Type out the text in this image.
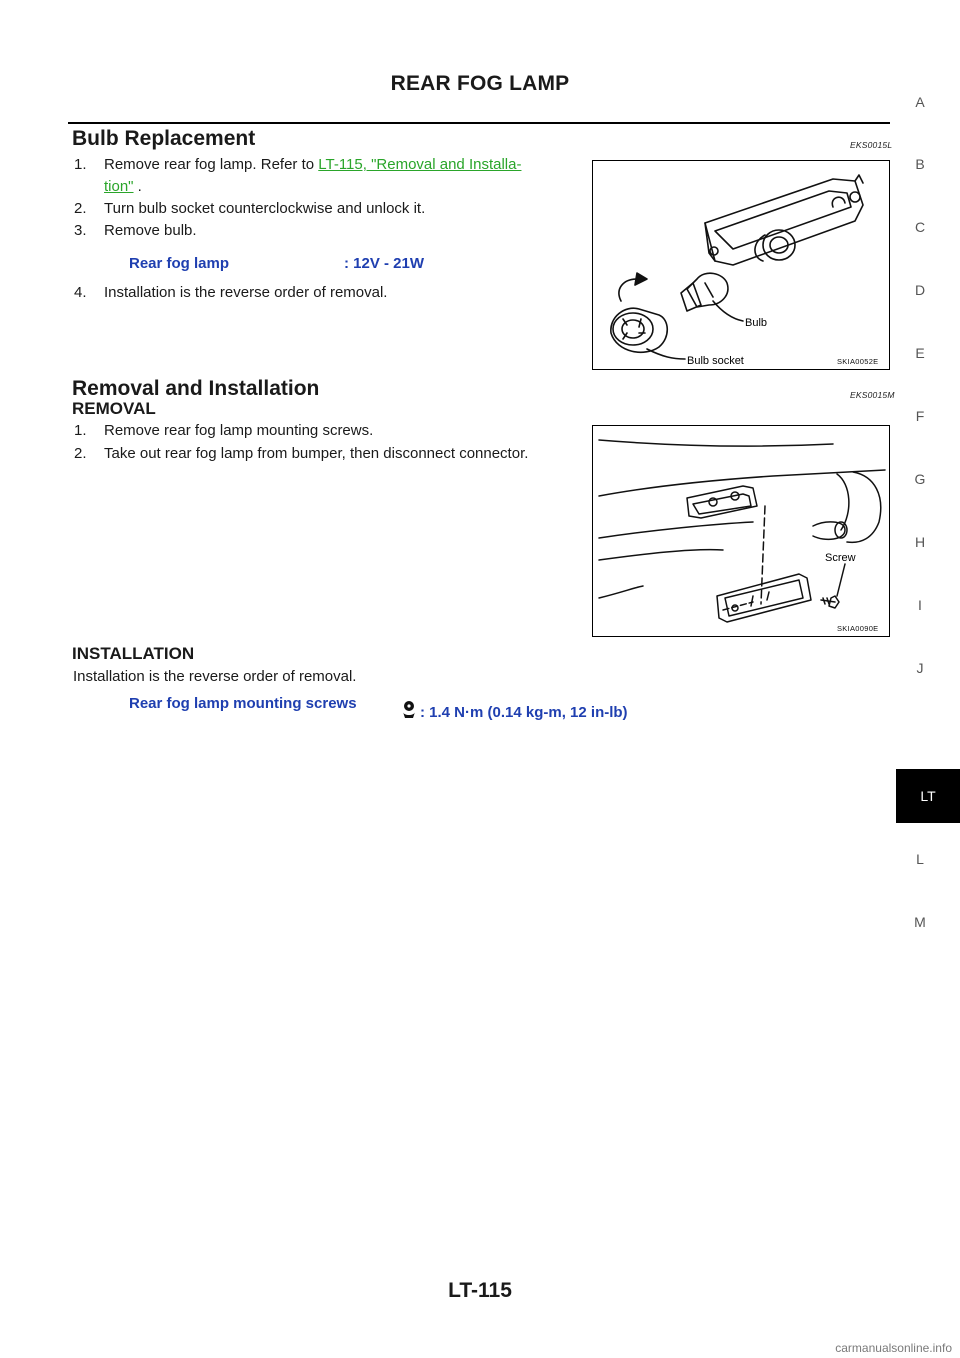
REAR FOG LAMP
Bulb Replacement	EKS0015L
1. Remove rear fog lamp. Refer to LT-115, "Removal and Installa-
tion" .
2. Turn bulb socket counterclockwise and unlock it.
3. Remove bulb.
Rear fog lamp	: 12V - 21W
4. Installation is the reverse order of removal.
Bulb
Bulb socket	SKIA0052E
Removal and Installation	EKS0015M
REMOVAL
1. Remove rear fog lamp mounting screws.
2. Take out rear fog lamp from bumper, then disconnect connector.
Screw
SKIA0090E
INSTALLATION
Installation is the reverse order of removal.
Rear fog lamp mounting screws
: 1.4 N·m (0.14 kg-m, 12 in-lb)
A
B
C
D
E
F
G
H
I
J
LT
L
M
LT-115
carmanualsonline.info
